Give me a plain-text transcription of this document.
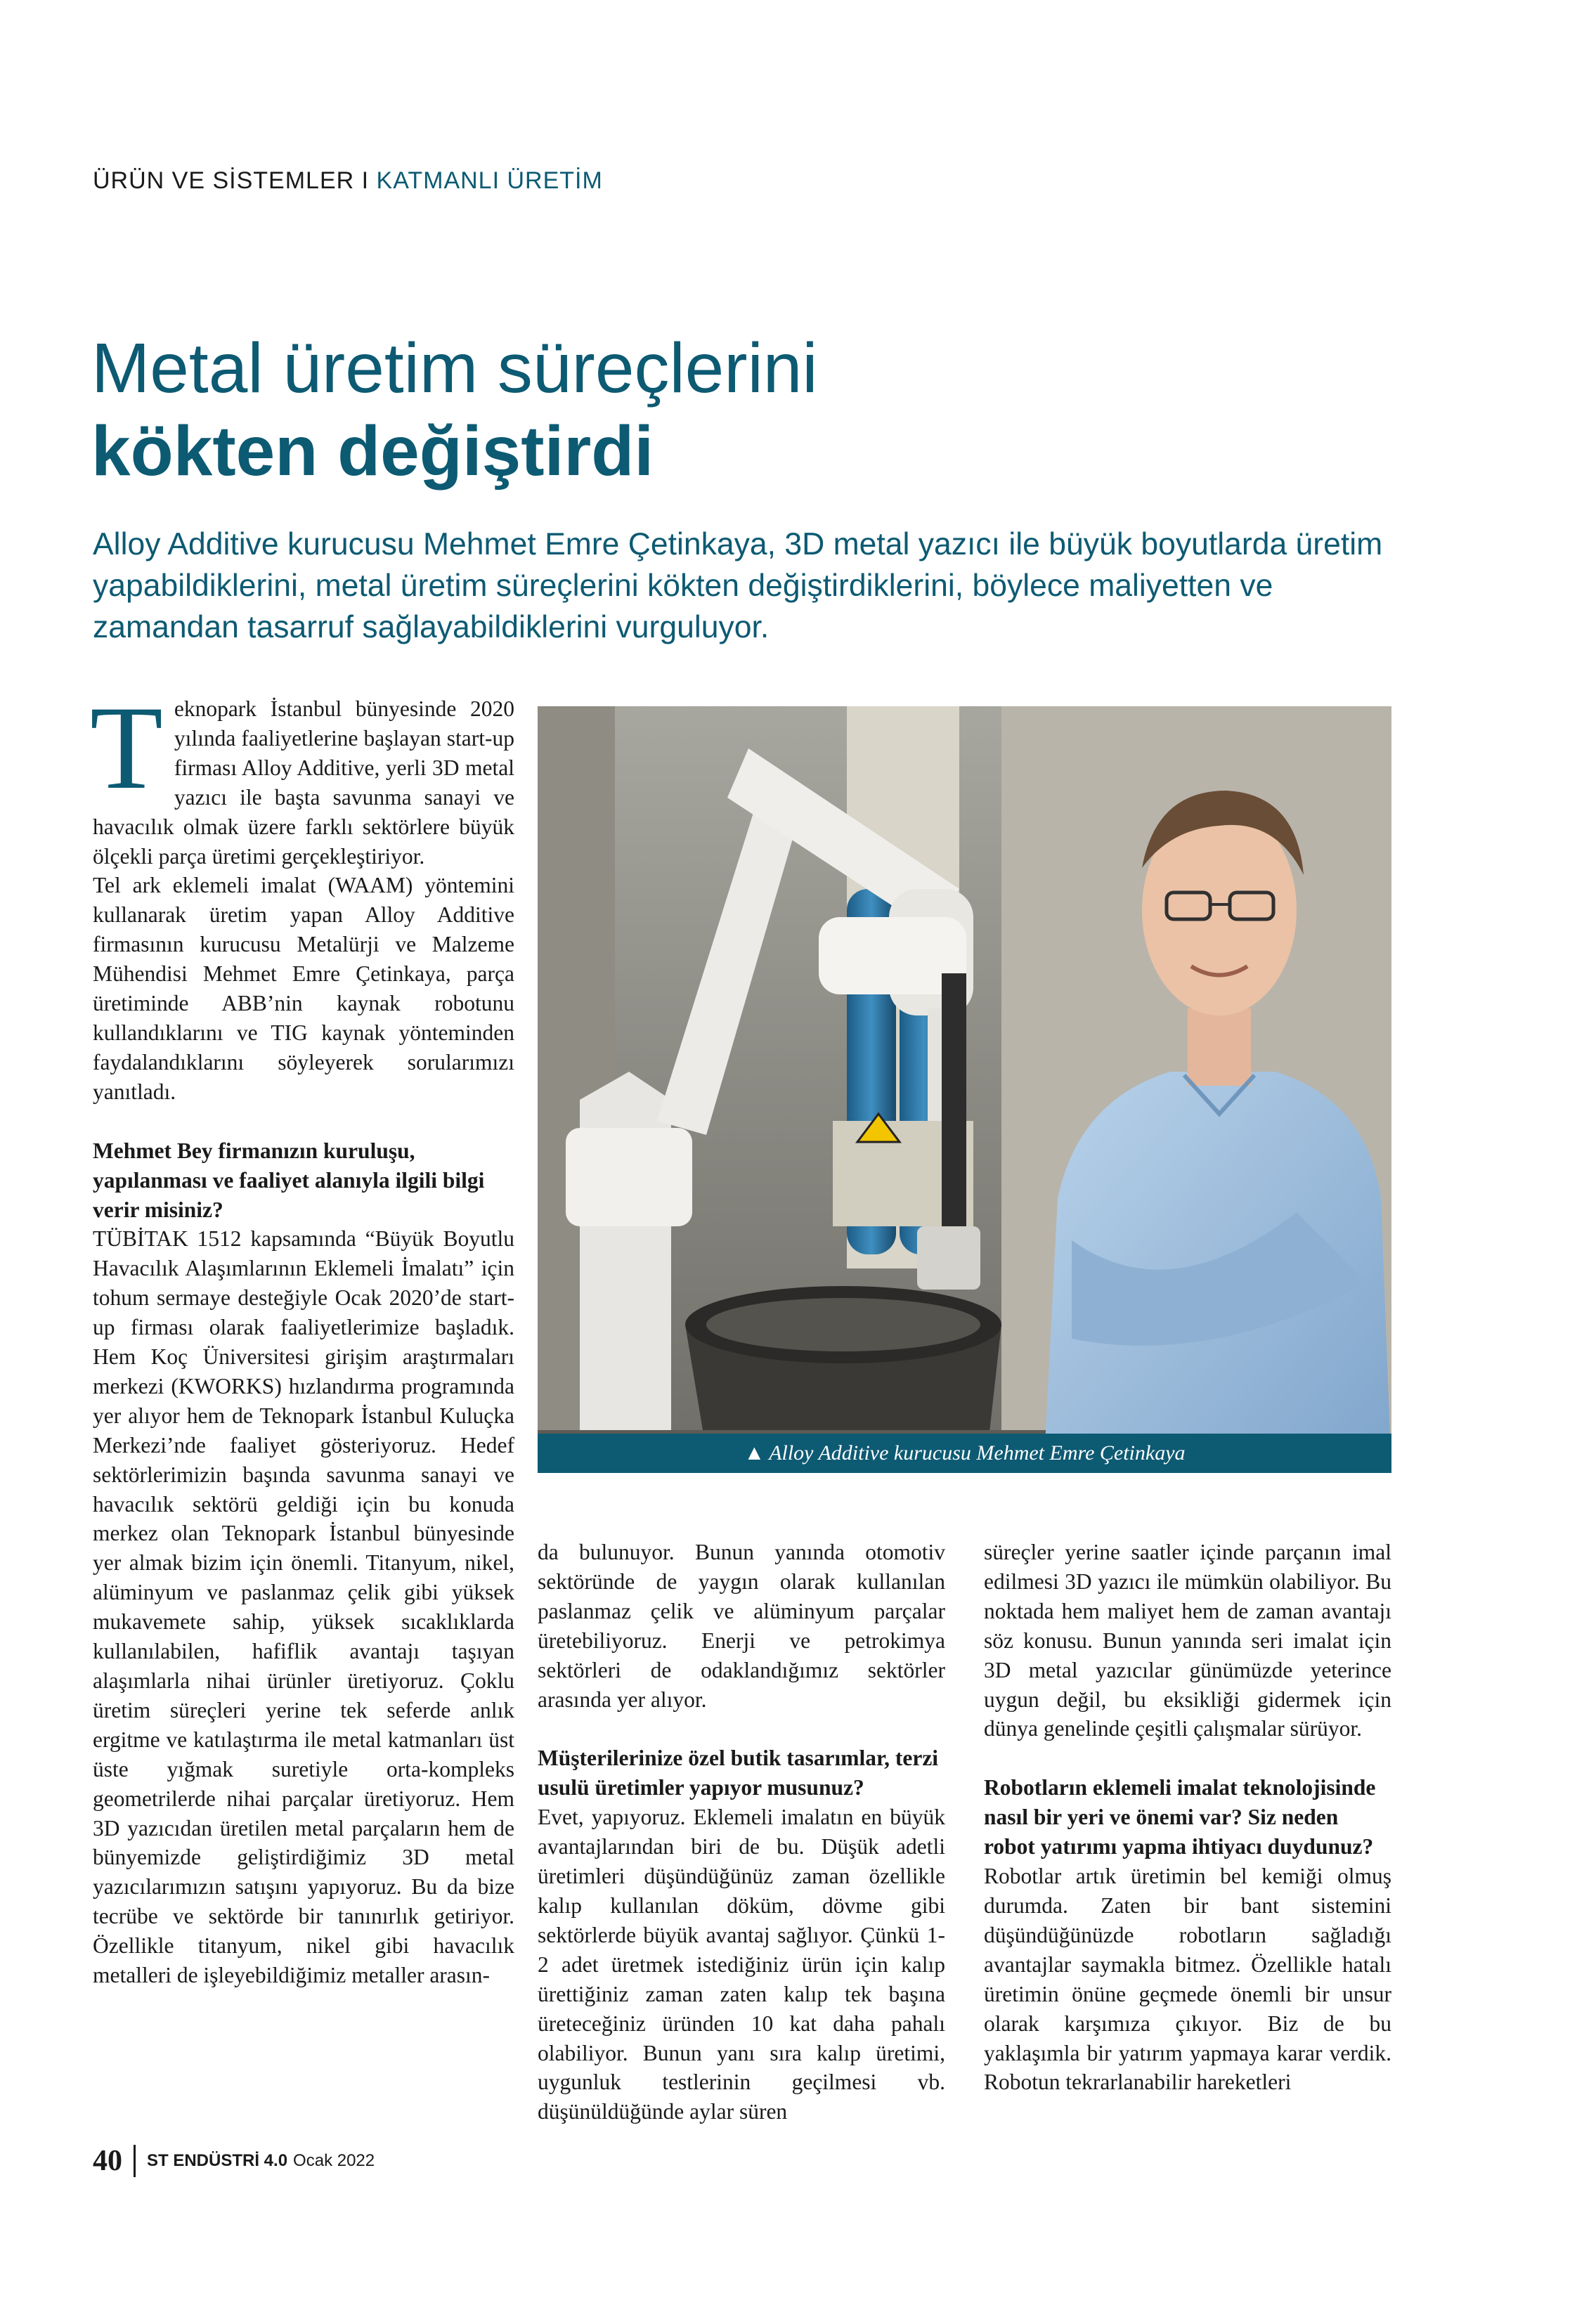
ÜRÜN VE SİSTEMLER I KATMANLI ÜRETİM
Metal üretim süreçlerini
kökten değiştirdi

Alloy Additive kurucusu Mehmet Emre Çetinkaya, 3D metal yazıcı ile büyük boyutlarda üretim yapabildiklerini, metal üretim süreçlerini kökten değiştirdiklerini, böylece maliyetten ve zamandan tasarruf sağlayabildiklerini vurguluyor.

Teknopark İstanbul bünyesinde 2020 yılında faaliyetlerine başlayan start-up firması Alloy Additive, yerli 3D metal yazıcı ile başta savunma sanayi ve havacılık olmak üzere farklı sektörlere büyük ölçekli parça üretimi gerçekleştiriyor.

Tel ark eklemeli imalat (WAAM) yöntemini kullanarak üretim yapan Alloy Additive firmasının kurucusu Metalürji ve Malzeme Mühendisi Mehmet Emre Çetinkaya, parça üretiminde ABB’nin kaynak robotunu kullandıklarını ve TIG kaynak yönteminden faydalandıklarını söyleyerek sorularımızı yanıtladı.

Mehmet Bey firmanızın kuruluşu, yapılanması ve faaliyet alanıyla ilgili bilgi verir misiniz?

TÜBİTAK 1512 kapsamında “Büyük Boyutlu Havacılık Alaşımlarının Eklemeli İmalatı” için tohum sermaye desteğiyle Ocak 2020’de start-up firması olarak faaliyetlerimize başladık. Hem Koç Üniversitesi girişim araştırmaları merkezi (KWORKS) hızlandırma programında yer alıyor hem de Teknopark İstanbul Kuluçka Merkezi’nde faaliyet gösteriyoruz. Hedef sektörlerimizin başında savunma sanayi ve havacılık sektörü geldiği için bu konuda merkez olan Teknopark İstanbul bünyesinde yer almak bizim için önemli. Titanyum, nikel, alüminyum ve paslanmaz çelik gibi yüksek mukavemete sahip, yüksek sıcaklıklarda kullanılabilen, hafiflik avantajı taşıyan alaşımlarla nihai ürünler üretiyoruz. Çoklu üretim süreçleri yerine tek seferde anlık ergitme ve katılaştırma ile metal katmanları üst üste yığmak suretiyle orta-kompleks geometrilerde nihai parçalar üretiyoruz. Hem 3D yazıcıdan üretilen metal parçaların hem de bünyemizde geliştirdiğimiz 3D metal yazıcılarımızın satışını yapıyoruz. Bu da bize tecrübe ve sektörde bir tanınırlık getiriyor. Özellikle titanyum, nikel gibi havacılık metalleri de işleyebildiğimiz metaller arasın-

▲ Alloy Additive kurucusu Mehmet Emre Çetinkaya

da bulunuyor. Bunun yanında otomotiv sektöründe de yaygın olarak kullanılan paslanmaz çelik ve alüminyum parçalar üretebiliyoruz. Enerji ve petrokimya sektörleri de odaklandığımız sektörler arasında yer alıyor.

Müşterilerinize özel butik tasarımlar, terzi usulü üretimler yapıyor musunuz?

Evet, yapıyoruz. Eklemeli imalatın en büyük avantajlarından biri de bu. Düşük adetli üretimleri düşündüğünüz zaman özellikle kalıp kullanılan döküm, dövme gibi sektörlerde büyük avantaj sağlıyor. Çünkü 1-2 adet üretmek istediğiniz ürün için kalıp ürettiğiniz zaman zaten kalıp tek başına üreteceğiniz üründen 10 kat daha pahalı olabiliyor. Bunun yanı sıra kalıp üretimi, uygunluk testlerinin geçilmesi vb. düşünüldüğünde aylar süren

süreçler yerine saatler içinde parçanın imal edilmesi 3D yazıcı ile mümkün olabiliyor. Bu noktada hem maliyet hem de zaman avantajı söz konusu. Bunun yanında seri imalat için 3D metal yazıcılar günümüzde yeterince uygun değil, bu eksikliği gidermek için dünya genelinde çeşitli çalışmalar sürüyor.

Robotların eklemeli imalat teknolojisinde nasıl bir yeri ve önemi var? Siz neden robot yatırımı yapma ihtiyacı duydunuz?

Robotlar artık üretimin bel kemiği olmuş durumda. Zaten bir bant sistemini düşündüğünüzde robotların sağladığı avantajlar saymakla bitmez. Özellikle hatalı üretimin önüne geçmede önemli bir unsur olarak karşımıza çıkıyor. Biz de bu yaklaşımla bir yatırım yapmaya karar verdik. Robotun tekrarlanabilir hareketleri

40 ST ENDÜSTRİ 4.0 Ocak 2022
